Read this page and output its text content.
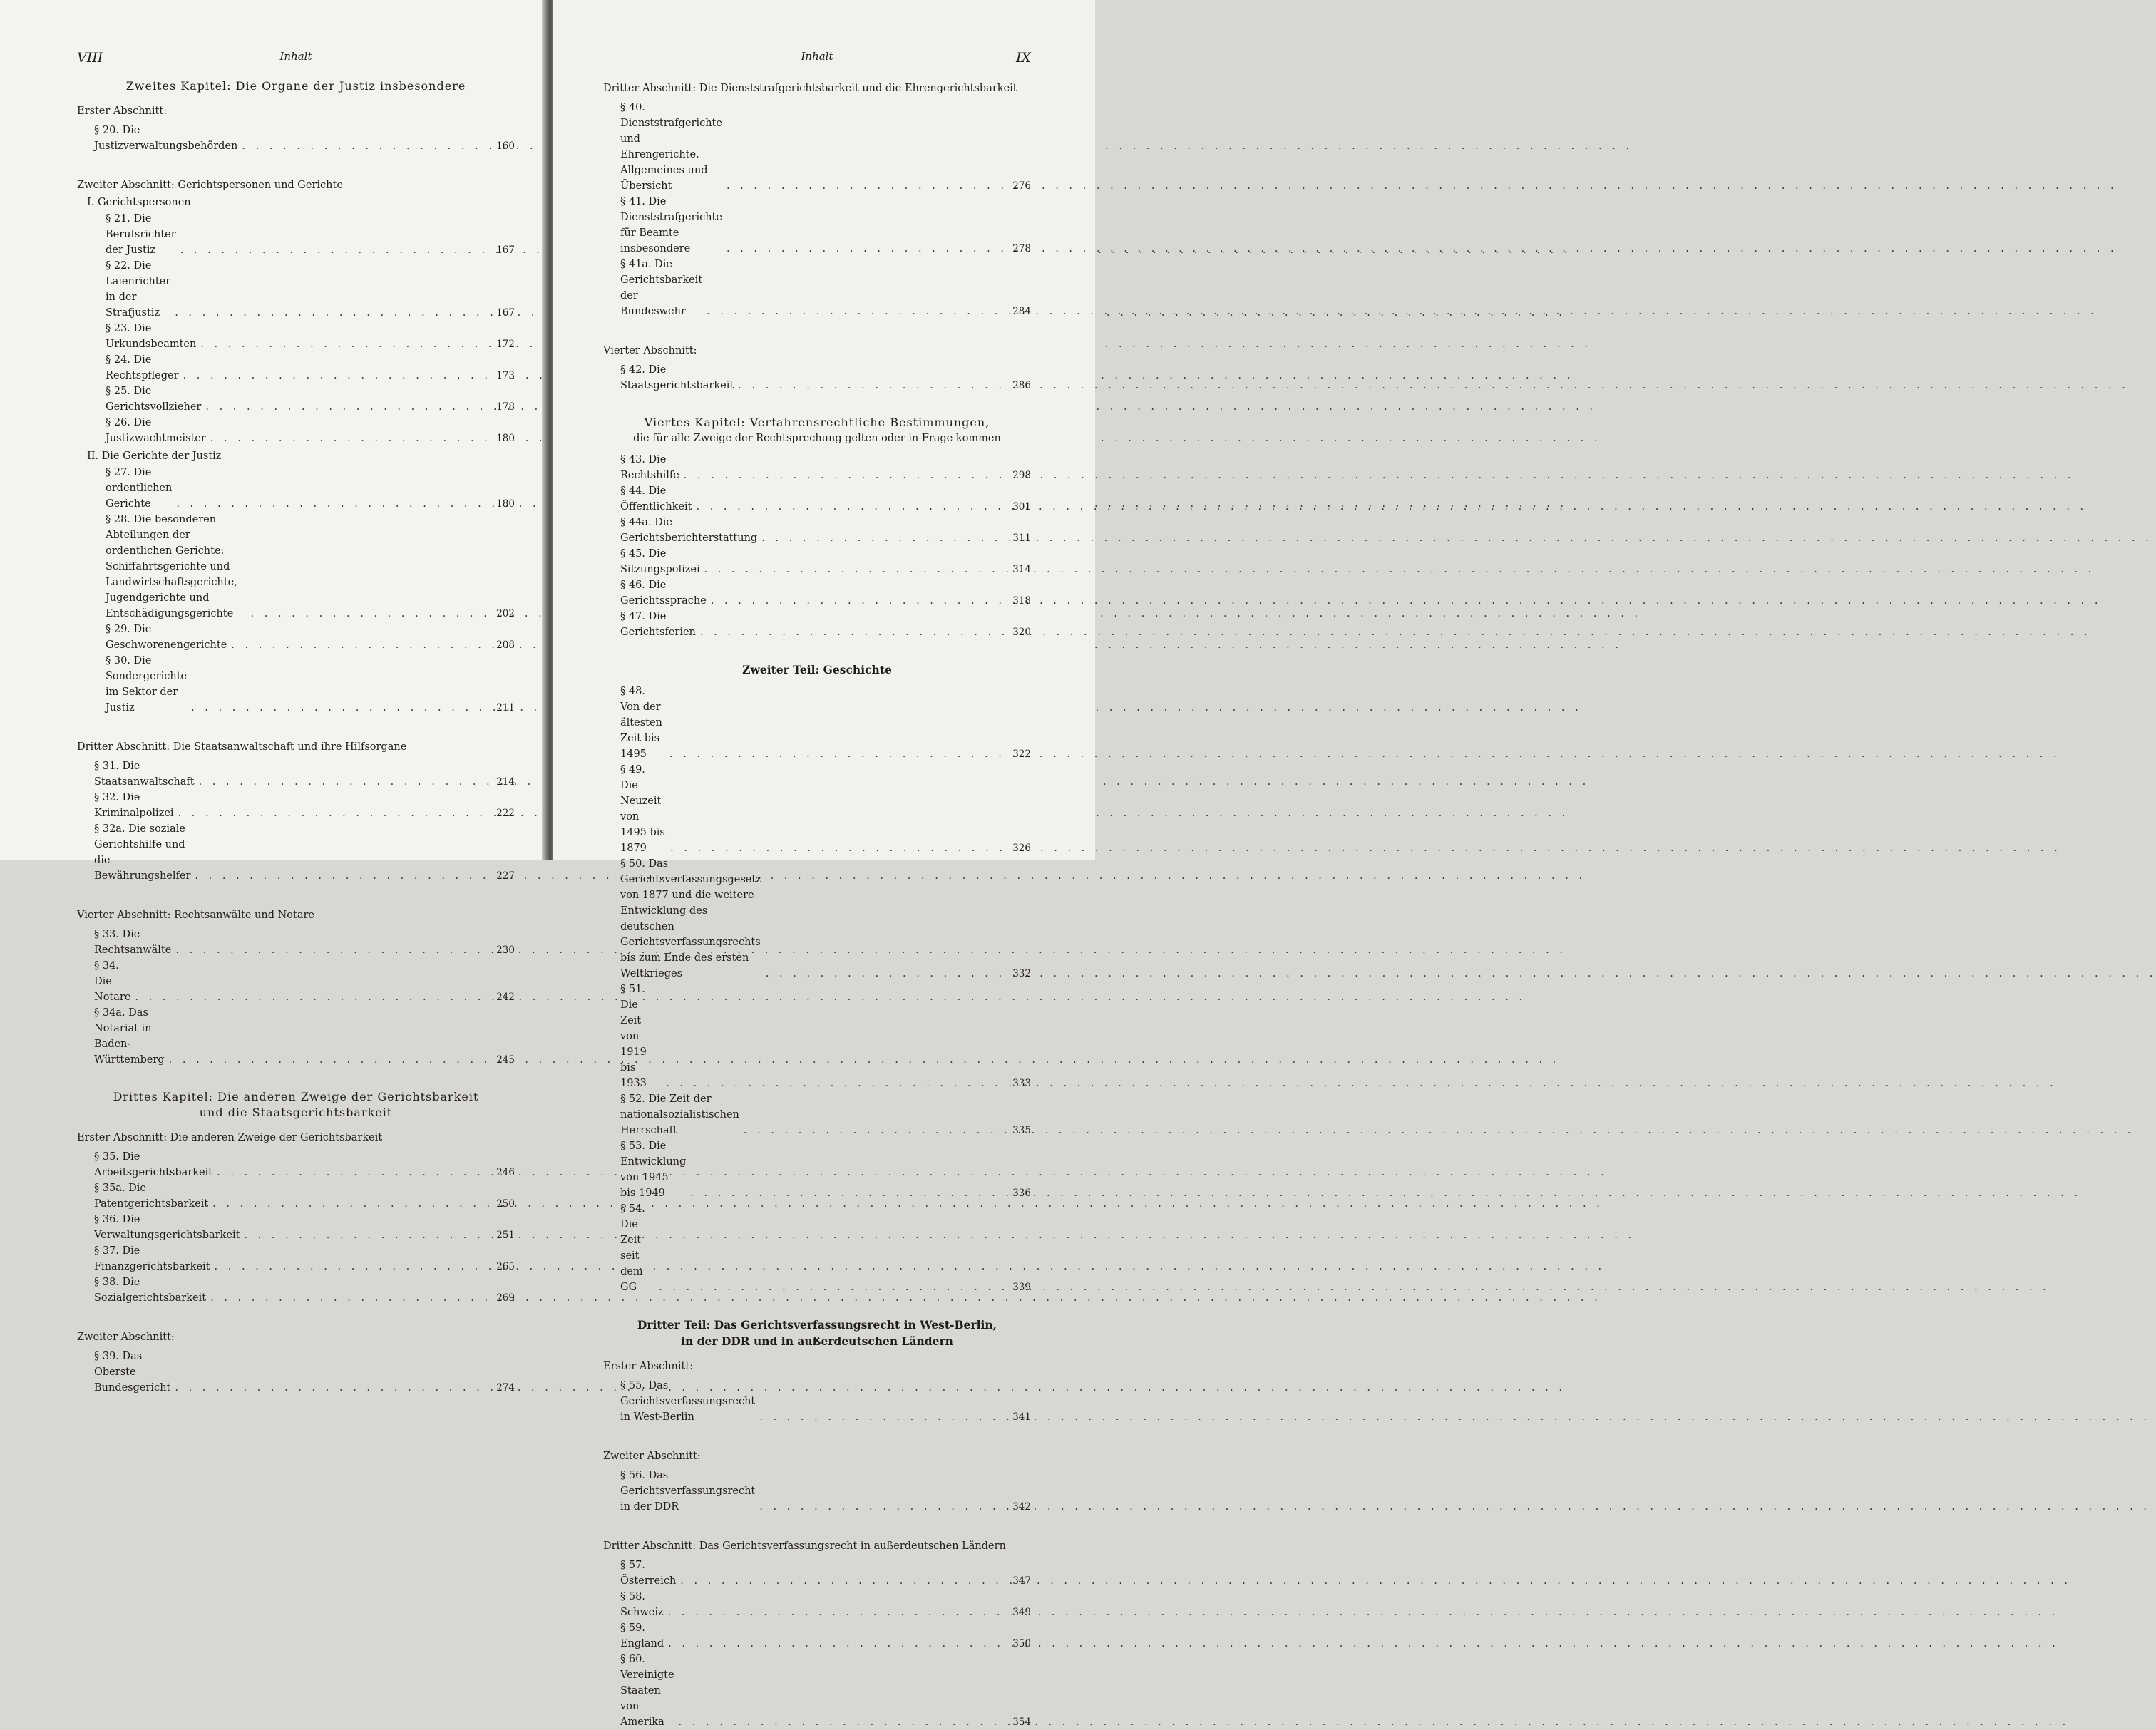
VIII	Inhalt
Zweites Kapitel: Die Organe der Justiz insbesondere
Erster Abschnitt:
§ 20. Die Justizverwaltungsbehörden . . .	160
Zweiter Abschnitt: Gerichtspersonen und Gerichte
I. Gerichtspersonen
§ 21. Die Berufsrichter der Justiz . . .	167
§ 22. Die Laienrichter in der Strafjustiz . . .	167
§ 23. Die Urkundsbeamten . . .	172
§ 24. Die Rechtspfleger . . .	173
§ 25. Die Gerichtsvollzieher . . .	178
§ 26. Die Justizwachtmeister . . .	180
II. Die Gerichte der Justiz
§ 27. Die ordentlichen Gerichte . . .	180
§ 28. Die besonderen Abteilungen der ordentlichen Gerichte: Schiffahrtsgerichte und Landwirtschaftsgerichte, Jugendgerichte und Entschädigungsgerichte . . .	202
§ 29. Die Geschworenengerichte . . .	208
§ 30. Die Sondergerichte im Sektor der Justiz . . .	211
Dritter Abschnitt: Die Staatsanwaltschaft und ihre Hilfsorgane
§ 31. Die Staatsanwaltschaft . . .	214
§ 32. Die Kriminalpolizei . . .	222
§ 32a. Die soziale Gerichtshilfe und die Bewährungshelfer . . .	227
Vierter Abschnitt: Rechtsanwälte und Notare
§ 33. Die Rechtsanwälte . . .	230
§ 34. Die Notare . . .	242
§ 34a. Das Notariat in Baden-Württemberg . . .	245
Drittes Kapitel: Die anderen Zweige der Gerichtsbarkeit
und die Staatsgerichtsbarkeit
Erster Abschnitt: Die anderen Zweige der Gerichtsbarkeit
§ 35. Die Arbeitsgerichtsbarkeit . . .	246
§ 35a. Die Patentgerichtsbarkeit . . .	250
§ 36. Die Verwaltungsgerichtsbarkeit . . .	251
§ 37. Die Finanzgerichtsbarkeit . . .	265
§ 38. Die Sozialgerichtsbarkeit . . .	269
Zweiter Abschnitt:
§ 39. Das Oberste Bundesgericht . . .	274
Inhalt	IX
Dritter Abschnitt: Die Dienststrafgerichtsbarkeit und die Ehrengerichtsbarkeit
§ 40. Dienststrafgerichte und Ehrengerichte. Allgemeines und Übersicht . . .	276
§ 41. Die Dienststrafgerichte für Beamte insbesondere . . .	278
§ 41a. Die Gerichtsbarkeit der Bundeswehr . . .	284
Vierter Abschnitt:
§ 42. Die Staatsgerichtsbarkeit . . .	286
Viertes Kapitel: Verfahrensrechtliche Bestimmungen,
die für alle Zweige der Rechtsprechung gelten oder in Frage kommen
§ 43. Die Rechtshilfe . . .	298
§ 44. Die Öffentlichkeit . . .	301
§ 44a. Die Gerichtsberichterstattung . . .	311
§ 45. Die Sitzungspolizei . . .	314
§ 46. Die Gerichtssprache . . .	318
§ 47. Die Gerichtsferien . . .	320
Zweiter Teil: Geschichte
§ 48. Von der ältesten Zeit bis 1495 . . .	322
§ 49. Die Neuzeit von 1495 bis 1879 . . .	326
§ 50. Das Gerichtsverfassungsgesetz von 1877 und die weitere Entwicklung des deutschen Gerichtsverfassungsrechts bis zum Ende des ersten Weltkrieges . . .	332
§ 51. Die Zeit von 1919 bis 1933 . . .	333
§ 52. Die Zeit der nationalsozialistischen Herrschaft . . .	335
§ 53. Die Entwicklung von 1945 bis 1949 . . .	336
§ 54. Die Zeit seit dem GG . . .	339
Dritter Teil: Das Gerichtsverfassungsrecht in West-Berlin,
in der DDR und in außerdeutschen Ländern
Erster Abschnitt:
§ 55. Das Gerichtsverfassungsrecht in West-Berlin . . .	341
Zweiter Abschnitt:
§ 56. Das Gerichtsverfassungsrecht in der DDR . . .	342
Dritter Abschnitt: Das Gerichtsverfassungsrecht in außerdeutschen Ländern
§ 57. Österreich . . .	347
§ 58. Schweiz . . .	349
§ 59. England . . .	350
§ 60. Vereinigte Staaten von Amerika . . .	354
